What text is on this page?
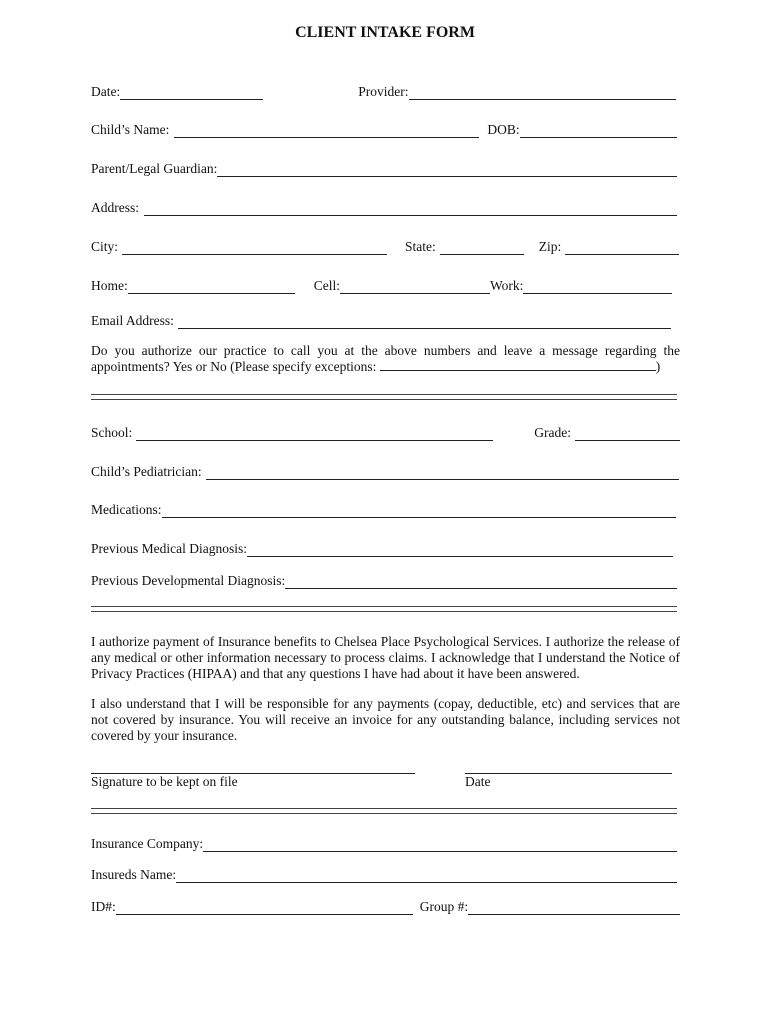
CLIENT INTAKE FORM
Date:	Provider:
Child’s Name:	DOB:
Parent/Legal Guardian:
Address:
City:	State:	Zip:
Home:	Cell:	Work:
Email Address:
Do you authorize our practice to call you at the above numbers and leave a message regarding the appointments? Yes or No (Please specify exceptions:	)
School:	Grade:
Child’s Pediatrician:
Medications:
Previous Medical Diagnosis:
Previous Developmental Diagnosis:
I authorize payment of Insurance benefits to Chelsea Place Psychological Services. I authorize the release of any medical or other information necessary to process claims. I acknowledge that I understand the Notice of Privacy Practices (HIPAA) and that any questions I have had about it have been answered.
I also understand that I will be responsible for any payments (copay, deductible, etc) and services that are not covered by insurance. You will receive an invoice for any outstanding balance, including services not covered by your insurance.
Signature to be kept on file	Date
Insurance Company:
Insureds Name:
ID#:	Group #:
